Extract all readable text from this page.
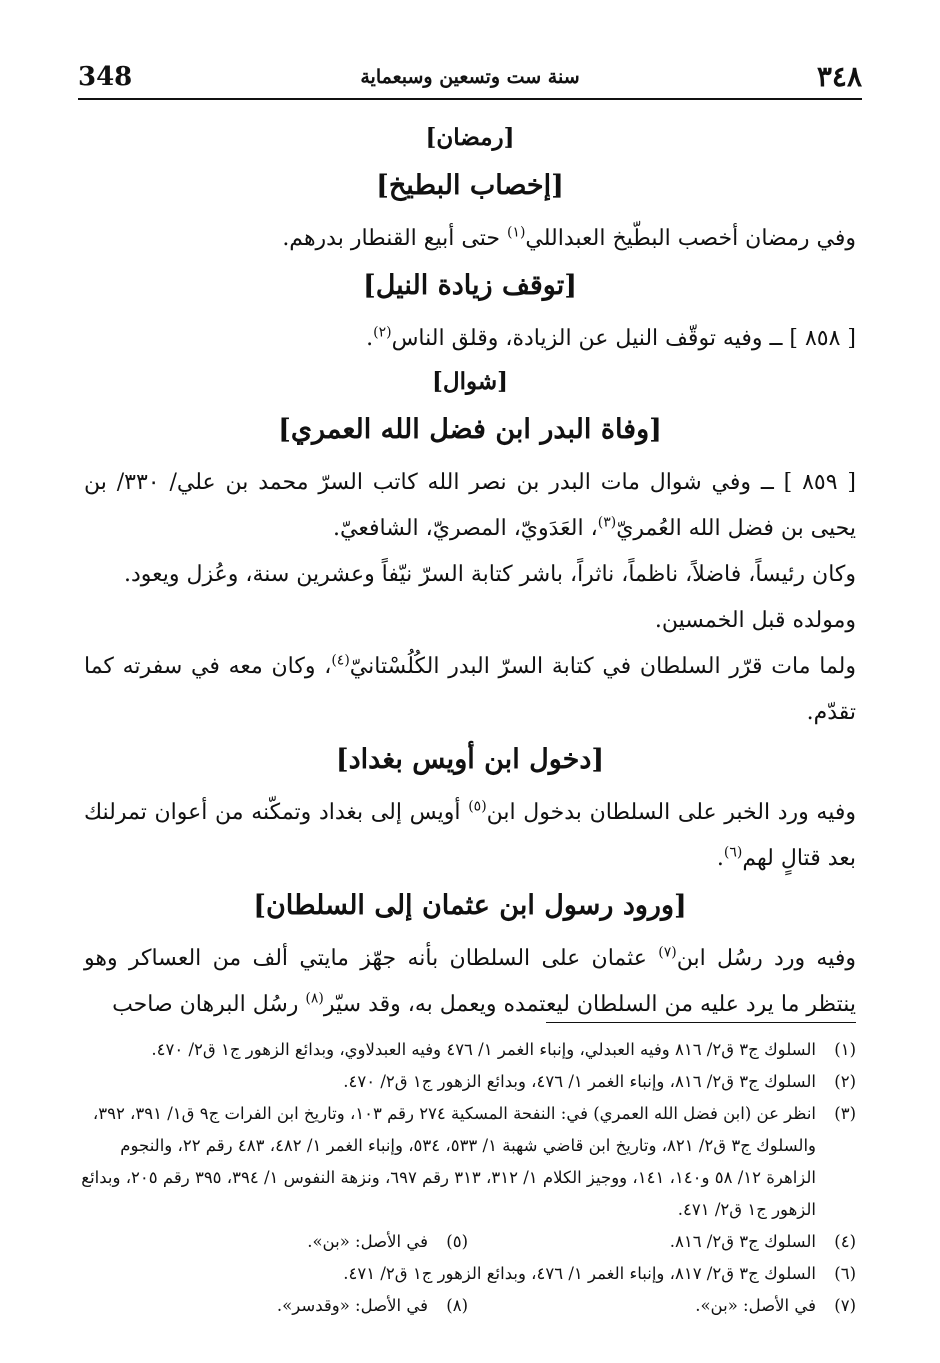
348	سنة ست وتسعين وسبعماية	٣٤٨
[رمضان]
[إخصاب البطيخ]

وفي رمضان أخصب البطّيخ العبداللي$^{(١)}$ حتى أبيع القنطار بدرهم.

[توقف زيادة النيل]

[ ٨٥٨ ] ــ وفيه توقّف النيل عن الزيادة، وقلق الناس$^{(٢)}$.

[شوال]
[وفاة البدر ابن فضل الله العمري]

[ ٨٥٩ ] ــ وفي شوال مات البدر بن نصر الله كاتب السرّ محمد بن علي/ ٣٣٠/ بن يحيى بن فضل الله العُمريّ$^{(٣)}$، العَدَويّ، المصريّ، الشافعيّ.

وكان رئيساً، فاضلاً، ناظماً، ناثراً، باشر كتابة السرّ نيّفاً وعشرين سنة، وعُزل ويعود.

ومولده قبل الخمسين.

ولما مات قرّر السلطان في كتابة السرّ البدر الكُلُسْتانيّ$^{(٤)}$، وكان معه في سفرته كما تقدّم.

[دخول ابن أويس بغداد]

وفيه ورد الخبر على السلطان بدخول ابن$^{(٥)}$ أويس إلى بغداد وتمكّنه من أعوان تمرلنك بعد قتالٍ لهم$^{(٦)}$.

[ورود رسول ابن عثمان إلى السلطان]

وفيه ورد رسُل ابن$^{(٧)}$ عثمان على السلطان بأنه جهّز مايتي ألف من العساكر وهو ينتظر ما يرد عليه من السلطان ليعتمده ويعمل به، وقد سيّر$^{(٨)}$ رسُل البرهان صاحب

(١)
السلوك ج٣ ق٢/ ٨١٦ وفيه العبدلي، وإنباء الغمر ١/ ٤٧٦ وفيه العبدلاوي، وبدائع الزهور ج١ ق٢/ ٤٧٠.

(٢)
السلوك ج٣ ق٢/ ٨١٦، وإنباء الغمر ١/ ٤٧٦، وبدائع الزهور ج١ ق٢/ ٤٧٠.

(٣)
انظر عن (ابن فضل الله العمري) في: النفحة المسكية ٢٧٤ رقم ١٠٣، وتاريخ ابن الفرات ج٩ ق١/ ٣٩١، ٣٩٢، والسلوك ج٣ ق٢/ ٨٢١، وتاريخ ابن قاضي شهبة ١/ ٥٣٣، ٥٣٤، وإنباء الغمر ١/ ٤٨٢، ٤٨٣ رقم ٢٢، والنجوم الزاهرة ١٢/ ٥٨ و١٤٠، ١٤١، ووجيز الكلام ١/ ٣١٢، ٣١٣ رقم ٦٩٧، ونزهة النفوس ١/ ٣٩٤، ٣٩٥ رقم ٢٠٥، وبدائع الزهور ج١ ق٢/ ٤٧١.

(٤)
السلوك ج٣ ق٢/ ٨١٦.

(٥)
في الأصل: «بن».

(٦)
السلوك ج٣ ق٢/ ٨١٧، وإنباء الغمر ١/ ٤٧٦، وبدائع الزهور ج١ ق٢/ ٤٧١.

(٧)
في الأصل: «بن».

(٨)
في الأصل: «وقدسر».
